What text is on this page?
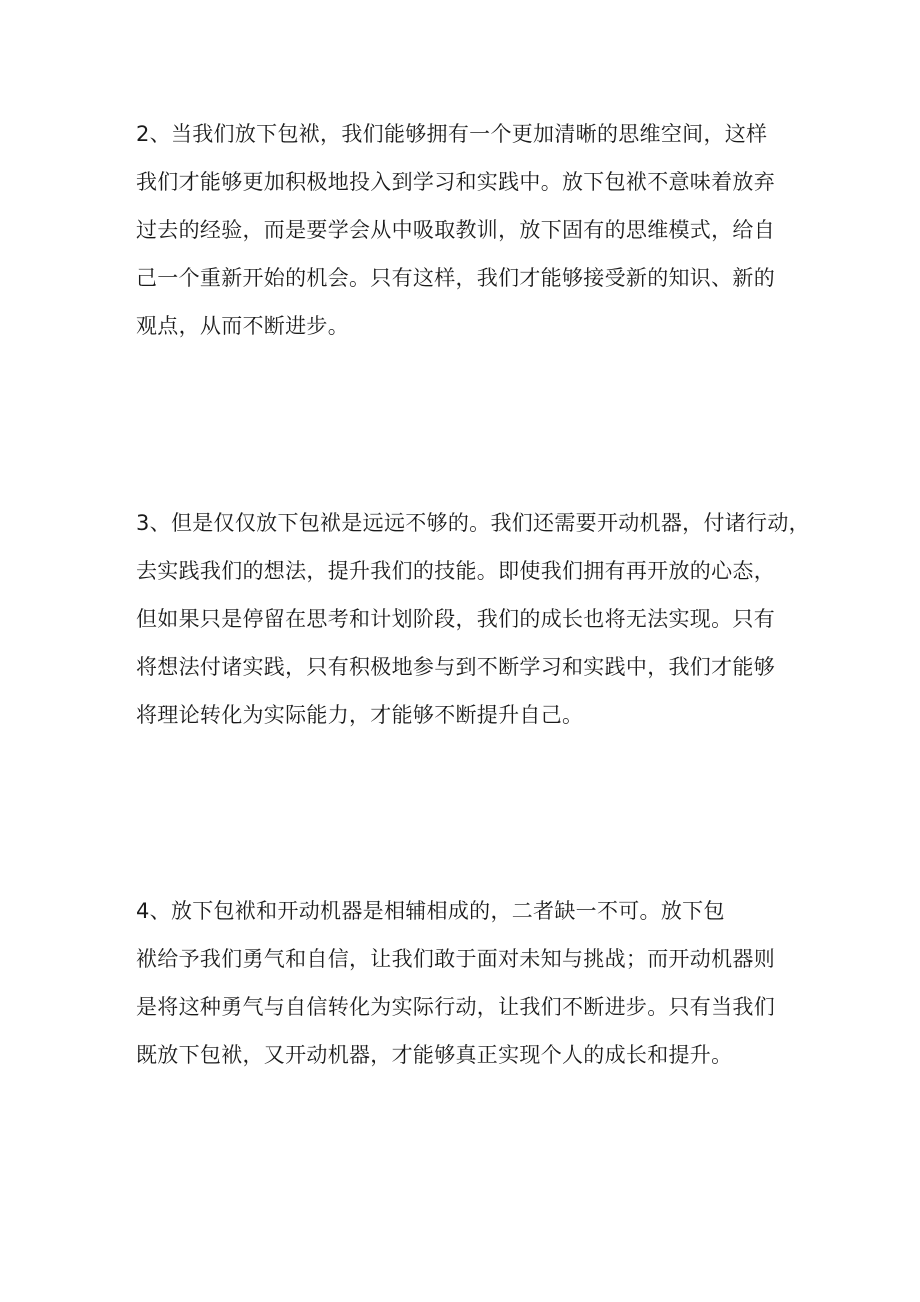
2、当我们放下包袱，我们能够拥有一个更加清晰的思维空间，这样
我们才能够更加积极地投入到学习和实践中。放下包袱不意味着放弃
过去的经验，而是要学会从中吸取教训，放下固有的思维模式，给自
己一个重新开始的机会。只有这样，我们才能够接受新的知识、新的
观点，从而不断进步。
3、但是仅仅放下包袱是远远不够的。我们还需要开动机器，付诸行动，
去实践我们的想法，提升我们的技能。即使我们拥有再开放的心态，
但如果只是停留在思考和计划阶段，我们的成长也将无法实现。只有
将想法付诸实践，只有积极地参与到不断学习和实践中，我们才能够
将理论转化为实际能力，才能够不断提升自己。
4、放下包袱和开动机器是相辅相成的，二者缺一不可。放下包
袱给予我们勇气和自信，让我们敢于面对未知与挑战；而开动机器则
是将这种勇气与自信转化为实际行动，让我们不断进步。只有当我们
既放下包袱，又开动机器，才能够真正实现个人的成长和提升。
